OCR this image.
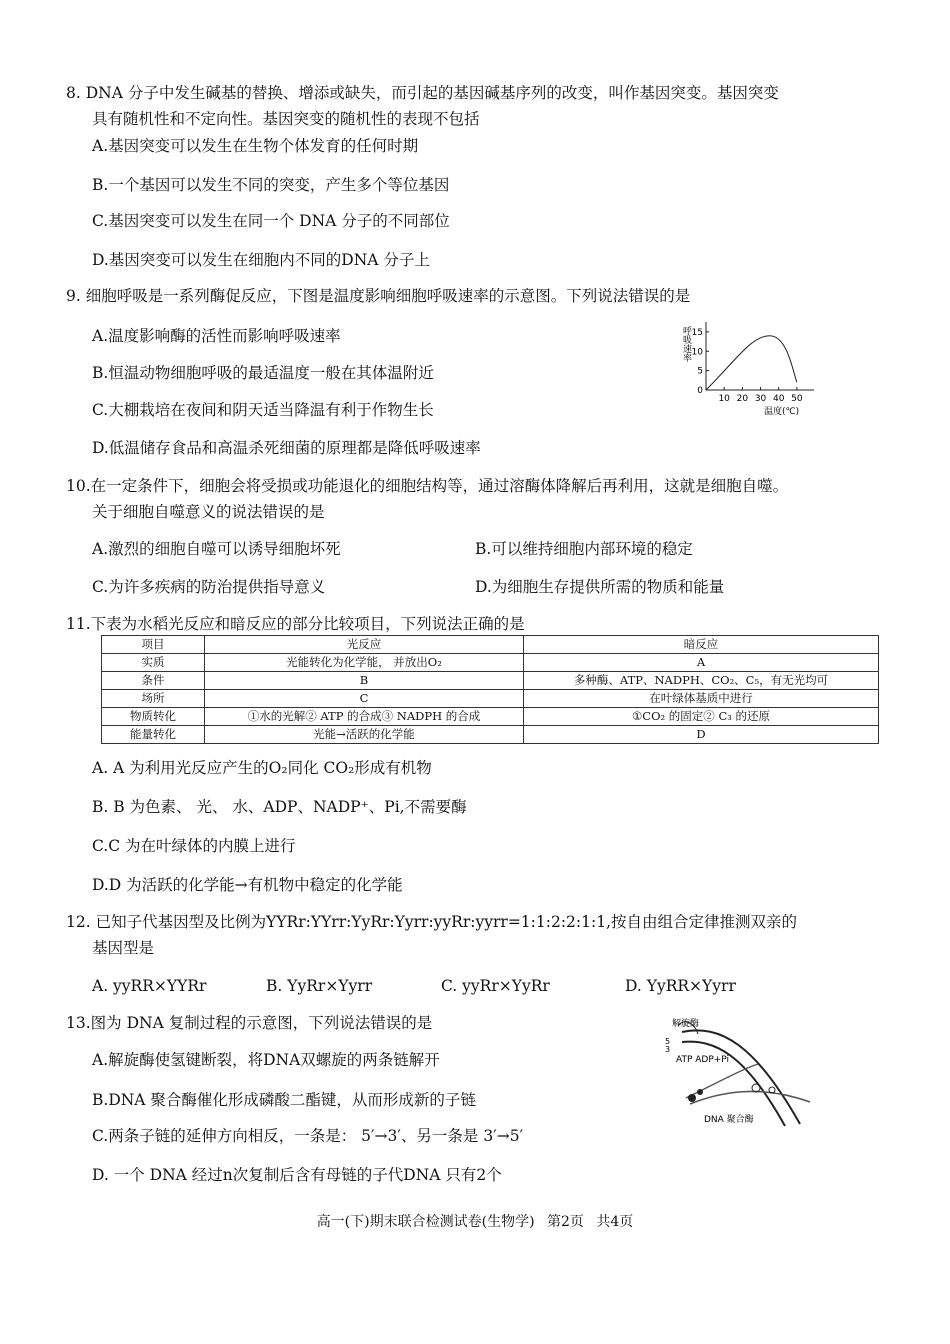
8. DNA 分子中发生碱基的替换、增添或缺失，而引起的基因碱基序列的改变，叫作基因突变。基因突变
具有随机性和不定向性。基因突变的随机性的表现不包括
A.基因突变可以发生在生物个体发育的任何时期
B.一个基因可以发生不同的突变，产生多个等位基因
C.基因突变可以发生在同一个 DNA 分子的不同部位
D.基因突变可以发生在细胞内不同的DNA 分子上
9. 细胞呼吸是一系列酶促反应，下图是温度影响细胞呼吸速率的示意图。下列说法错误的是
A.温度影响酶的活性而影响呼吸速率
B.恒温动物细胞呼吸的最适温度一般在其体温附近
C.大棚栽培在夜间和阴天适当降温有利于作物生长
D.低温储存食品和高温杀死细菌的原理都是降低呼吸速率
0
5
10
15
10 20 30 40 50
呼吸速率
温度(℃)
10.在一定条件下，细胞会将受损或功能退化的细胞结构等，通过溶酶体降解后再利用，这就是细胞自噬。
关于细胞自噬意义的说法错误的是
A.激烈的细胞自噬可以诱导细胞坏死	B.可以维持细胞内部环境的稳定
C.为许多疾病的防治提供指导意义	D.为细胞生存提供所需的物质和能量
11.下表为水稻光反应和暗反应的部分比较项目，下列说法正确的是
项目	光反应	暗反应
实质	光能转化为化学能， 并放出O₂	A
条件	B	多种酶、ATP、NADPH、CO₂、C₅，有无光均可
场所	C	在叶绿体基质中进行
物质转化	①水的光解② ATP 的合成③ NADPH 的合成	①CO₂ 的固定② C₃ 的还原
能量转化	光能→活跃的化学能	D
A. A 为利用光反应产生的O₂同化 CO₂形成有机物
B. B 为色素、 光、 水、ADP、NADP⁺、Pi,不需要酶
C.C 为在叶绿体的内膜上进行
D.D 为活跃的化学能→有机物中稳定的化学能
12. 已知子代基因型及比例为YYRr:YYrr:YyRr:Yyrr:yyRr:yyrr=1:1:2:2:1:1,按自由组合定律推测双亲的
基因型是
A. yyRR×YYRr	B. YyRr×Yyrr	C. yyRr×YyRr	D. YyRR×Yyrr
13.图为 DNA 复制过程的示意图，下列说法错误的是
A.解旋酶使氢键断裂，将DNA双螺旋的两条链解开
B.DNA 聚合酶催化形成磷酸二酯键，从而形成新的子链
C.两条子链的延伸方向相反，一条是： 5′→3′、另一条是 3′→5′
D. 一个 DNA 经过n次复制后含有母链的子代DNA 只有2个
解旋酶
5
3
ATP ADP+Pi
DNA 聚合酶
高一(下)期末联合检测试卷(生物学) 第2页 共4页
